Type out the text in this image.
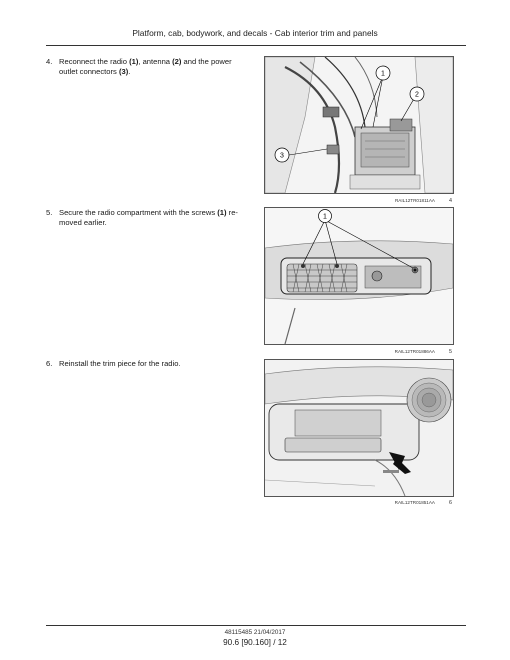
Platform, cab, bodywork, and decals - Cab interior trim and panels
4. Reconnect the radio (1), antenna (2) and the power outlet connectors (3).	1
2
3
RAIL12TR01811AA	4
5. Secure the radio compartment with the screws (1) re-moved earlier.
1
RAIL12TR01886AA	5
6. Reinstall the trim piece for the radio.
RAIL12TR01851AA	6
48115485 21/04/2017
90.6 [90.160] / 12
